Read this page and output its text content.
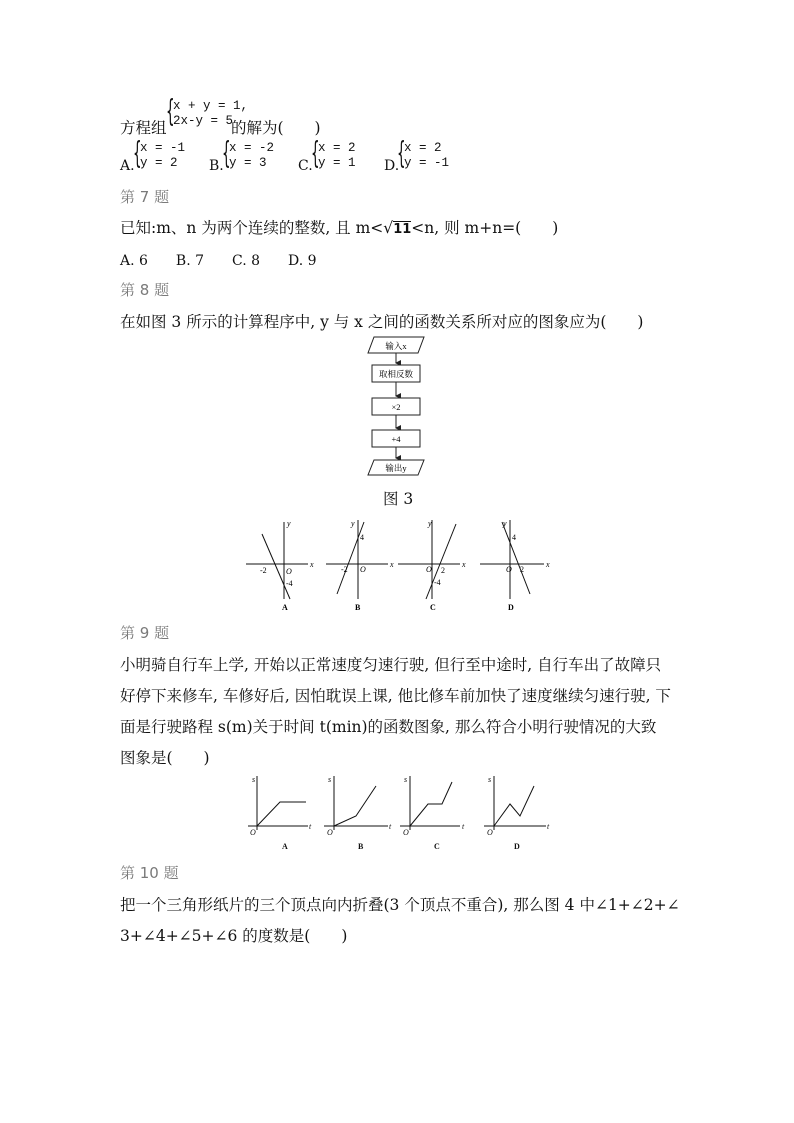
方程组 {
x + y = 1,
2x-y = 5
的解为(　　)
A.
{
x = -1
y = 2	B.
{
x = -2
y = 3	C.
{
x = 2
y = 1 D.
{
x = 2
y = -1
第 7 题
已知:m、n 为两个连续的整数, 且 m<√11<n, 则 m+n=(　　)
A. 6　　B. 7　　C. 8　　D. 9
第 8 题
在如图 3 所示的计算程序中, y 与 x 之间的函数关系所对应的图象应为(　　)
输入x
取相反数
×2
+4
输出y
图 3
x
y
O
-2
-4
A
x
y
O
4
-2
B
x
y
O 2
-4
C
x
y
O
4
2
D
第 9 题
小明骑自行车上学, 开始以正常速度匀速行驶, 但行至中途时, 自行车出了故障只
好停下来修车, 车修好后, 因怕耽误上课, 他比修车前加快了速度继续匀速行驶, 下
面是行驶路程 s(m)关于时间 t(min)的函数图象, 那么符合小明行驶情况的大致
图象是(　　)
s
O
t
s
O
t
s
O
t
s
O
t
A	B	C	D
第 10 题
把一个三角形纸片的三个顶点向内折叠(3 个顶点不重合), 那么图 4 中∠1+∠2+∠
3+∠4+∠5+∠6 的度数是(　　)
